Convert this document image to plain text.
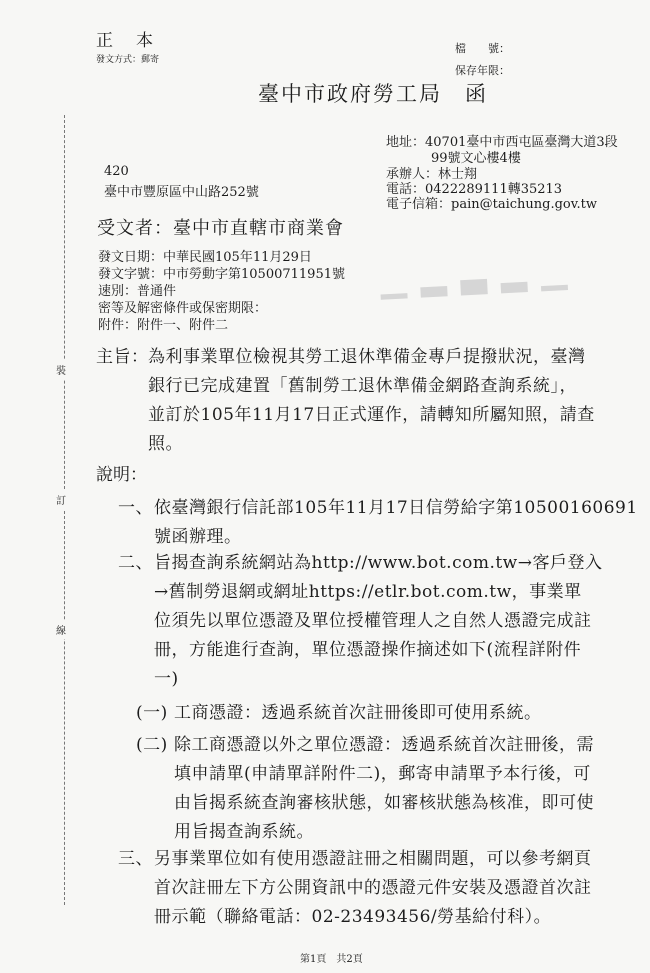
正　本
發文方式：郵寄
檔　　號：
保存年限：
臺中市政府勞工局　函
▁▂▃▂▁
420
臺中市豐原區中山路252號
地址：40701臺中市西屯區臺灣大道3段
99號文心樓4樓
承辦人：林士翔
電話：0422289111轉35213
電子信箱：pain@taichung.gov.tw
受文者：臺中市直轄市商業會
發文日期：中華民國105年11月29日
發文字號：中市勞動字第10500711951號
速別：普通件
密等及解密條件或保密期限：
附件：附件一、附件二
裝
訂
線
主旨： 為利事業單位檢視其勞工退休準備金專戶提撥狀況，臺灣
銀行已完成建置「舊制勞工退休準備金網路查詢系統」，
並訂於105年11月17日正式運作，請轉知所屬知照，請查
照。
說明：
一、 依臺灣銀行信託部105年11月17日信勞給字第10500160691
號函辦理。
二、 旨揭查詢系統網站為http://www.bot.com.tw→客戶登入
→舊制勞退網或網址https://etlr.bot.com.tw，事業單
位須先以單位憑證及單位授權管理人之自然人憑證完成註
冊，方能進行查詢，單位憑證操作摘述如下(流程詳附件
一)
(一) 工商憑證：透過系統首次註冊後即可使用系統。
(二) 除工商憑證以外之單位憑證：透過系統首次註冊後，需
填申請單(申請單詳附件二)，郵寄申請單予本行後，可
由旨揭系統查詢審核狀態，如審核狀態為核准，即可使
用旨揭查詢系統。
三、 另事業單位如有使用憑證註冊之相關問題，可以參考網頁
首次註冊左下方公開資訊中的憑證元件安裝及憑證首次註
冊示範（聯絡電話：02-23493456/勞基給付科）。
第1頁　共2頁
